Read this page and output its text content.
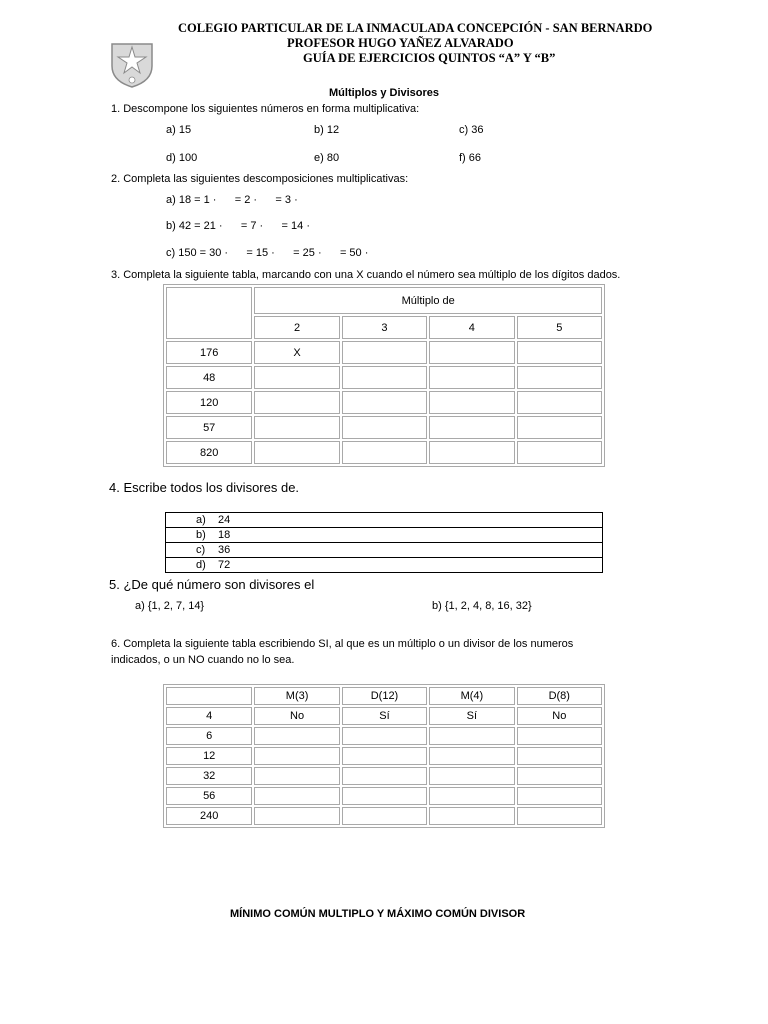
COLEGIO PARTICULAR DE LA INMACULADA CONCEPCIÓN - SAN BERNARDO
PROFESOR HUGO YAÑEZ ALVARADO
GUÍA DE EJERCICIOS QUINTOS “A” Y “B”
Múltiplos y Divisores
1. Descompone los siguientes números en forma multiplicativa:
a) 15	b) 12	c) 36
d) 100	e) 80	f) 66
2. Completa las siguientes descomposiciones multiplicativas:
a) 18 = 1 ·      = 2 ·      = 3 ·
b) 42 = 21 ·      = 7 ·      = 14 ·
c) 150 = 30 ·      = 15 ·      = 25 ·      = 50 ·
3. Completa la siguiente tabla, marcando con una X cuando el número sea múltiplo de los dígitos dados.
	Múltiplo de			
	2	3	4	5
176	X			
48				
120				
57				
820				
4. Escribe todos los divisores de.
a) 24
b) 18
c) 36
d) 72
5. ¿De qué número son divisores el
a) {1, 2, 7, 14}	b) {1, 2, 4, 8, 16, 32}
6. Completa la siguiente tabla escribiendo SI, al que es un múltiplo o un divisor de los numeros
indicados, o un NO cuando no lo sea.
	M(3)	D(12)	M(4)	D(8)
4	No	Sí	Sí	No
6				
12				
32				
56				
240				
MÍNIMO COMÚN MULTIPLO Y MÁXIMO COMÚN DIVISOR
